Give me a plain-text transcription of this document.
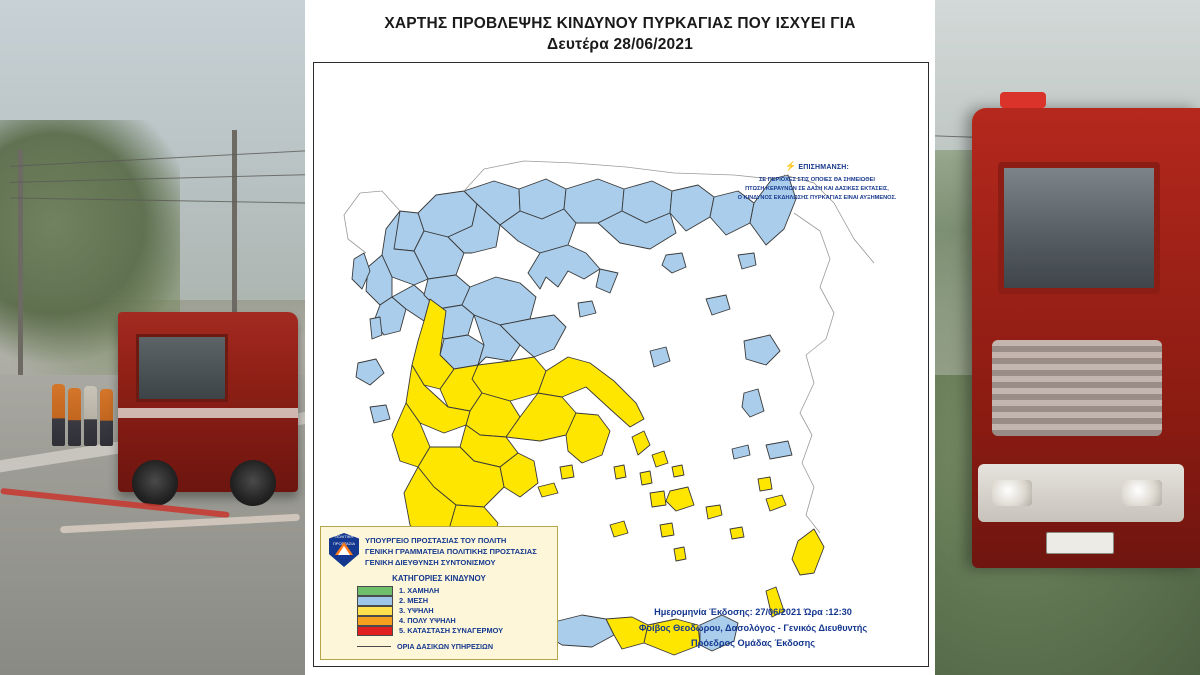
ΧΑΡΤΗΣ ΠΡΟΒΛΕΨΗΣ ΚΙΝΔΥΝΟΥ ΠΥΡΚΑΓΙΑΣ ΠΟΥ ΙΣΧΥΕΙ ΓΙΑ
Δευτέρα 28/06/2021
⚡ ΕΠΙΣΗΜΑΝΣΗ:
ΣΕ ΠΕΡΙΟΧΕΣ ΣΤΙΣ ΟΠΟΙΕΣ ΘΑ ΣΗΜΕΙΩΘΕΙ
ΠΤΩΣΗ ΚΕΡΑΥΝΩΝ ΣΕ ΔΑΣΗ ΚΑΙ ΔΑΣΙΚΕΣ ΕΚΤΑΣΕΙΣ,
Ο ΚΙΝΔΥΝΟΣ ΕΚΔΗΛΩΣΗΣ ΠΥΡΚΑΓΙΑΣ ΕΙΝΑΙ ΑΥΞΗΜΕΝΟΣ.
ΠΟΛΙΤΙΚΗ ΠΡΟΣΤΑΣΙΑ ΥΠΟΥΡΓΕΙΟ ΠΡΟΣΤΑΣΙΑΣ ΤΟΥ ΠΟΛΙΤΗ
ΓΕΝΙΚΗ ΓΡΑΜΜΑΤΕΙΑ ΠΟΛΙΤΙΚΗΣ ΠΡΟΣΤΑΣΙΑΣ
ΓΕΝΙΚΗ ΔΙΕΥΘΥΝΣΗ ΣΥΝΤΟΝΙΣΜΟΥ
ΚΑΤΗΓΟΡΙΕΣ ΚΙΝΔΥΝΟΥ
1. ΧΑΜΗΛΗ
2. ΜΕΣΗ
3. ΥΨΗΛΗ
4. ΠΟΛΥ ΥΨΗΛΗ
5. ΚΑΤΑΣΤΑΣΗ ΣΥΝΑΓΕΡΜΟΥ
ΟΡΙΑ ΔΑΣΙΚΩΝ ΥΠΗΡΕΣΙΩΝ
Ημερομηνία Έκδοσης: 27/06/2021 Ώρα :12:30
Φοίβος Θεοδώρου, Δασολόγος - Γενικός Διευθυντής
Πρόεδρος Ομάδας Έκδοσης
